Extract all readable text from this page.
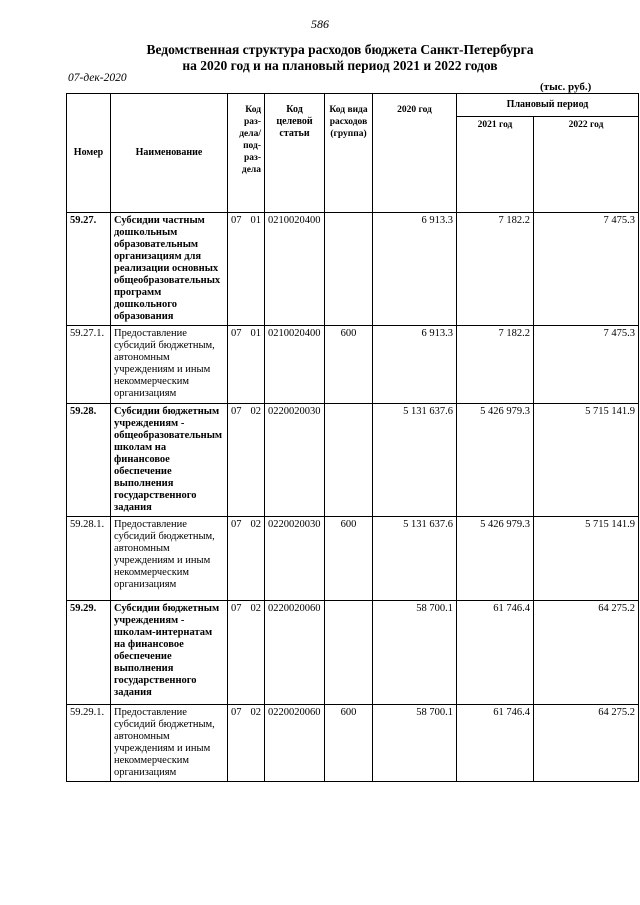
586
Ведомственная структура расходов бюджета Санкт-Петербурга на 2020 год и на плановый период 2021 и 2022 годов
07-дек-2020
(тыс. руб.)
Номер	Наименование	Код раз- дела/ под- раз- дела	Код целевой статьи	Код вида расходов (группа)	2020 год	Плановый период	
						2021 год	2022 год
59.27.	Субсидии частным дошкольным образовательным организациям для реализации основных общеобразовательных программ дошкольного образования	07 01	0210020400		6 913.3	7 182.2	7 475.3
59.27.1.	Предоставление субсидий бюджетным, автономным учреждениям и иным некоммерческим организациям	07 01	0210020400	600	6 913.3	7 182.2	7 475.3
59.28.	Субсидии бюджетным учреждениям - общеобразовательным школам на финансовое обеспечение выполнения государственного задания	07 02	0220020030		5 131 637.6	5 426 979.3	5 715 141.9
59.28.1.	Предоставление субсидий бюджетным, автономным учреждениям и иным некоммерческим организациям	07 02	0220020030	600	5 131 637.6	5 426 979.3	5 715 141.9
59.29.	Субсидии бюджетным учреждениям - школам-интернатам на финансовое обеспечение выполнения государственного задания	07 02	0220020060		58 700.1	61 746.4	64 275.2
59.29.1.	Предоставление субсидий бюджетным, автономным учреждениям и иным некоммерческим организациям	07 02	0220020060	600	58 700.1	61 746.4	64 275.2
